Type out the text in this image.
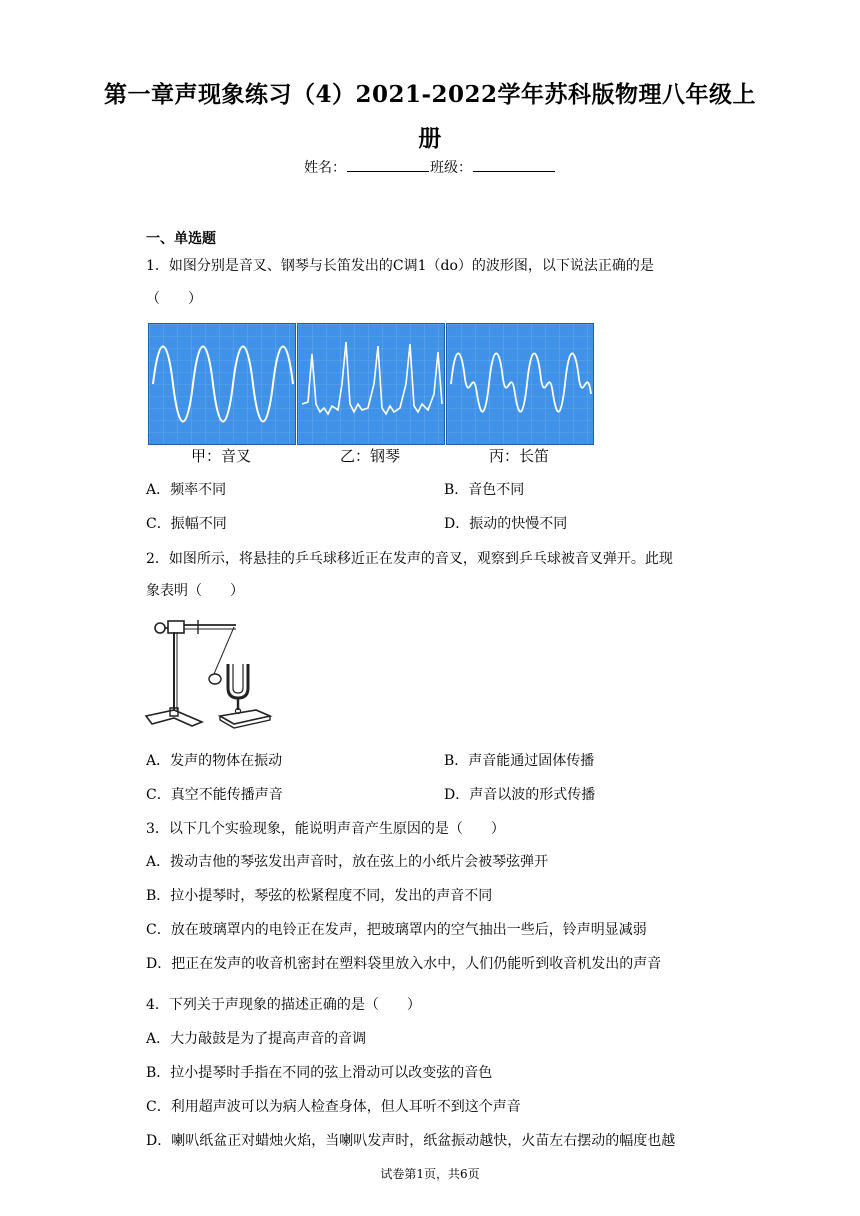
第一章声现象练习（4）2021-2022学年苏科版物理八年级上
册
姓名：	班级：
一、单选题
1．如图分别是音叉、钢琴与长笛发出的C调1（do）的波形图，以下说法正确的是
（　　）
甲：音叉	乙：钢琴	丙：长笛
A．频率不同	B．音色不同
C．振幅不同	D．振动的快慢不同
2．如图所示，将悬挂的乒乓球移近正在发声的音叉，观察到乒乓球被音叉弹开。此现
象表明（　　）
A．发声的物体在振动	B．声音能通过固体传播
C．真空不能传播声音	D．声音以波的形式传播
3．以下几个实验现象，能说明声音产生原因的是（　　）
A．拨动吉他的琴弦发出声音时，放在弦上的小纸片会被琴弦弹开
B．拉小提琴时，琴弦的松紧程度不同，发出的声音不同
C．放在玻璃罩内的电铃正在发声，把玻璃罩内的空气抽出一些后，铃声明显减弱
D．把正在发声的收音机密封在塑料袋里放入水中，人们仍能听到收音机发出的声音
4．下列关于声现象的描述正确的是（　　）
A．大力敲鼓是为了提高声音的音调
B．拉小提琴时手指在不同的弦上滑动可以改变弦的音色
C．利用超声波可以为病人检查身体，但人耳听不到这个声音
D．喇叭纸盆正对蜡烛火焰，当喇叭发声时，纸盆振动越快，火苗左右摆动的幅度也越
试卷第1页，共6页
